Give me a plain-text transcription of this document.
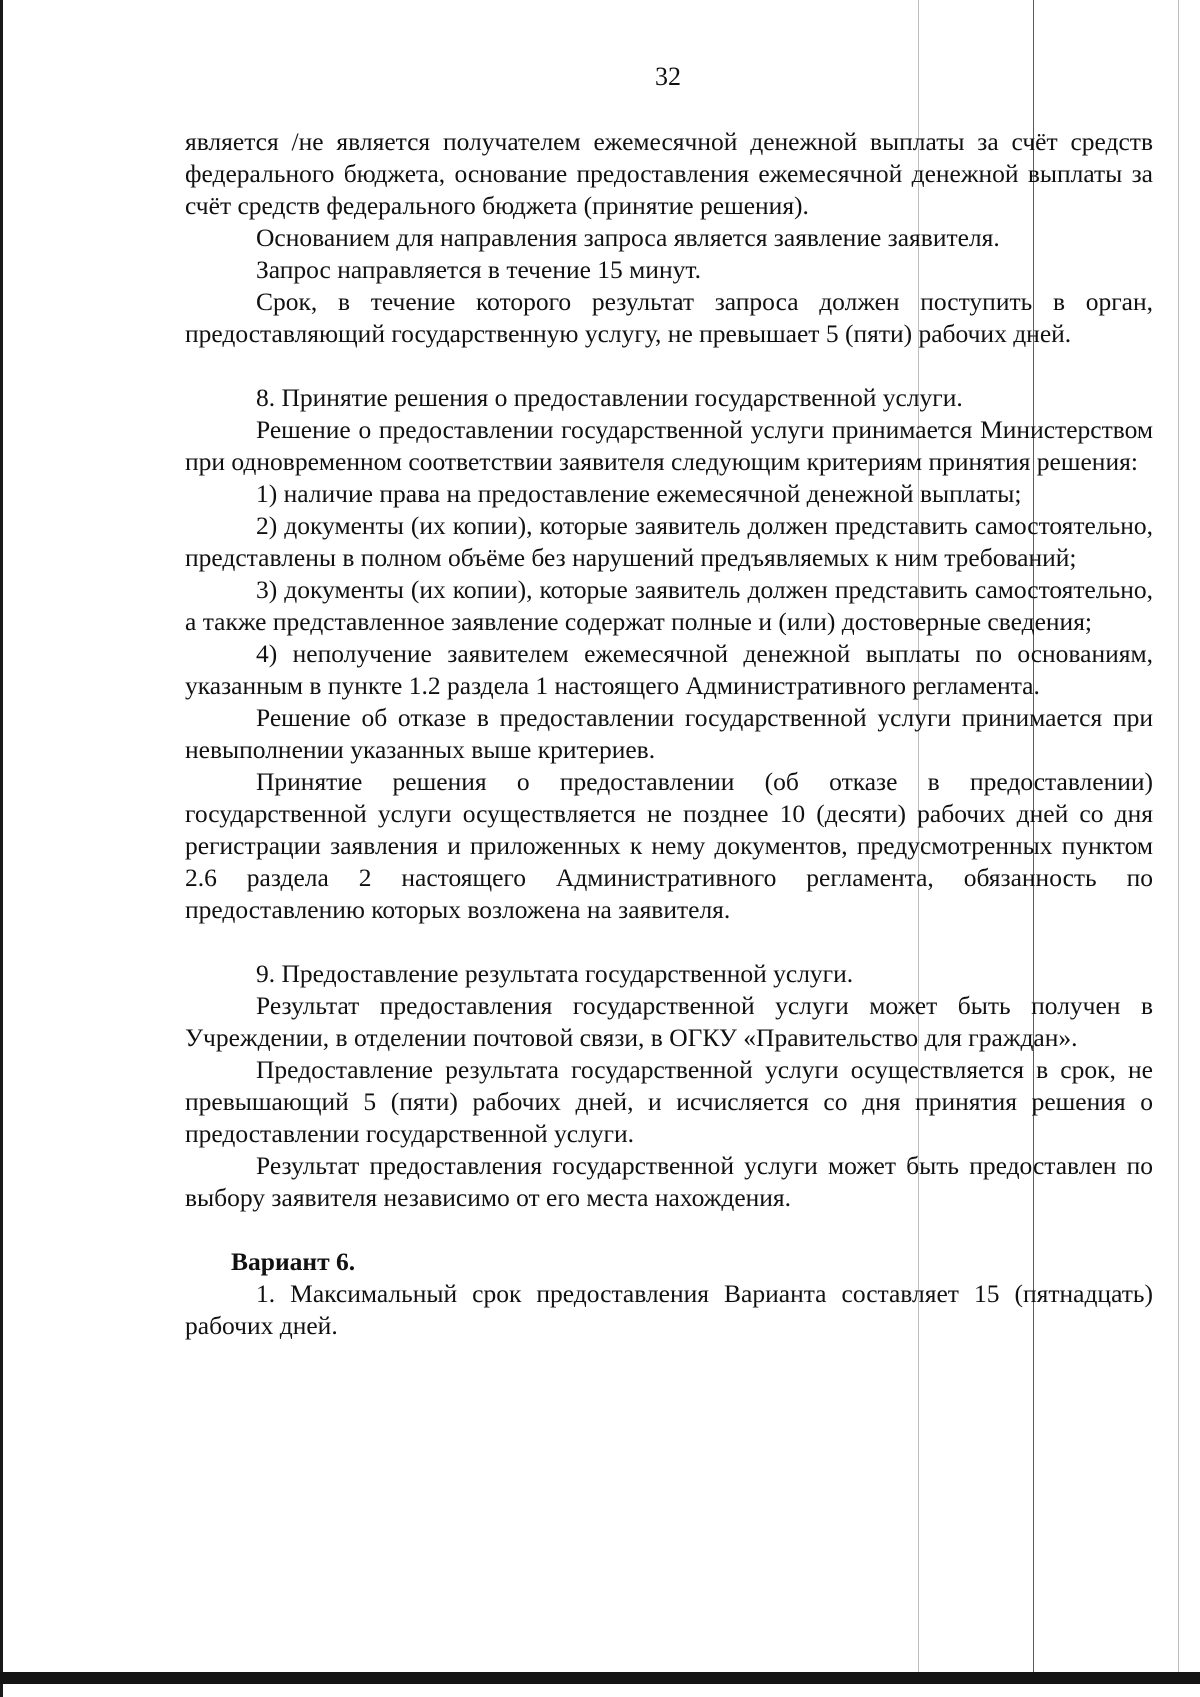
32

является /не является получателем ежемесячной денежной выплаты за счёт средств федерального бюджета, основание предоставления ежемесячной денежной выплаты за счёт средств федерального бюджета (принятие решения).

Основанием для направления запроса является заявление заявителя.

Запрос направляется в течение 15 минут.

Срок, в течение которого результат запроса должен поступить в орган, предоставляющий государственную услугу, не превышает 5 (пяти) рабочих дней.

8. Принятие решения о предоставлении государственной услуги.

Решение о предоставлении государственной услуги принимается Министерством при одновременном соответствии заявителя следующим критериям принятия решения:

1) наличие права на предоставление ежемесячной денежной выплаты;

2) документы (их копии), которые заявитель должен представить самостоятельно, представлены в полном объёме без нарушений предъявляемых к ним требований;

3) документы (их копии), которые заявитель должен представить самостоятельно, а также представленное заявление содержат полные и (или) достоверные сведения;

4) неполучение заявителем ежемесячной денежной выплаты по основаниям, указанным в пункте 1.2 раздела 1 настоящего Административного регламента.

Решение об отказе в предоставлении государственной услуги принимается при невыполнении указанных выше критериев.

Принятие решения о предоставлении (об отказе в предоставлении) государственной услуги осуществляется не позднее 10 (десяти) рабочих дней со дня регистрации заявления и приложенных к нему документов, предусмотренных пунктом 2.6 раздела 2 настоящего Административного регламента, обязанность по предоставлению которых возложена на заявителя.

9. Предоставление результата государственной услуги.

Результат предоставления государственной услуги может быть получен в Учреждении, в отделении почтовой связи, в ОГКУ «Правительство для граждан».

Предоставление результата государственной услуги осуществляется в срок, не превышающий 5 (пяти) рабочих дней, и исчисляется со дня принятия решения о предоставлении государственной услуги.

Результат предоставления государственной услуги может быть предоставлен по выбору заявителя независимо от его места нахождения.

Вариант 6.

1. Максимальный срок предоставления Варианта составляет 15 (пятнадцать) рабочих дней.
